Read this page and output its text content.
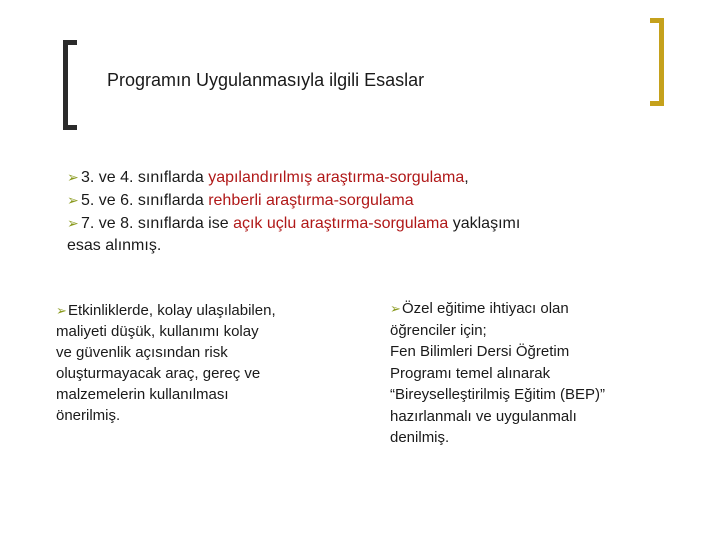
Programın Uygulanmasıyla ilgili Esaslar
➢ 3. ve 4. sınıflarda yapılandırılmış araştırma-sorgulama,
➢ 5. ve 6. sınıflarda rehberli araştırma-sorgulama
➢ 7. ve 8. sınıflarda ise açık uçlu araştırma-sorgulama yaklaşımı
esas alınmış.
➢Etkinliklerde, kolay ulaşılabilen,
maliyeti düşük, kullanımı kolay
ve güvenlik açısından risk
oluşturmayacak araç, gereç ve
malzemelerin kullanılması
önerilmiş.
➢Özel eğitime ihtiyacı olan
öğrenciler için;
Fen Bilimleri Dersi Öğretim
Programı temel alınarak
“Bireyselleştirilmiş Eğitim (BEP)”
hazırlanmalı ve uygulanmalı
denilmiş.
